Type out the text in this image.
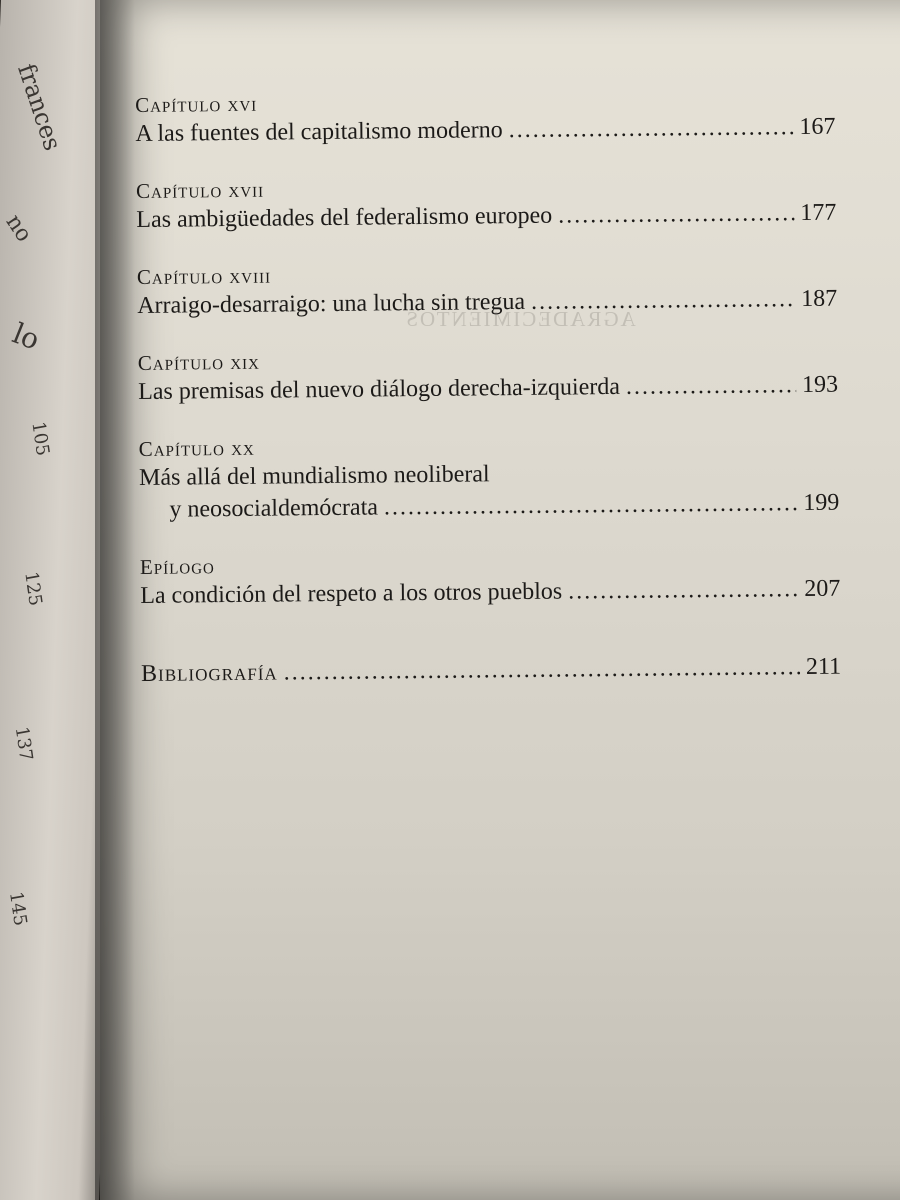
frances
no
lo
105
125
137
145
AGRADECIMIENTOS
Capítulo xvi
A las fuentes del capitalismo moderno .....	167
Capítulo xvii
Las ambigüedades del federalismo europeo .....	177
Capítulo xviii
Arraigo-desarraigo: una lucha sin tregua .....	187
Capítulo xix
Las premisas del nuevo diálogo derecha-izquierda .....	193
Capítulo xx
Más allá del mundialismo neoliberal
y neosocialdemócrata .....	199
Epílogo
La condición del respeto a los otros pueblos .....	207
Bibliografía .....	211
